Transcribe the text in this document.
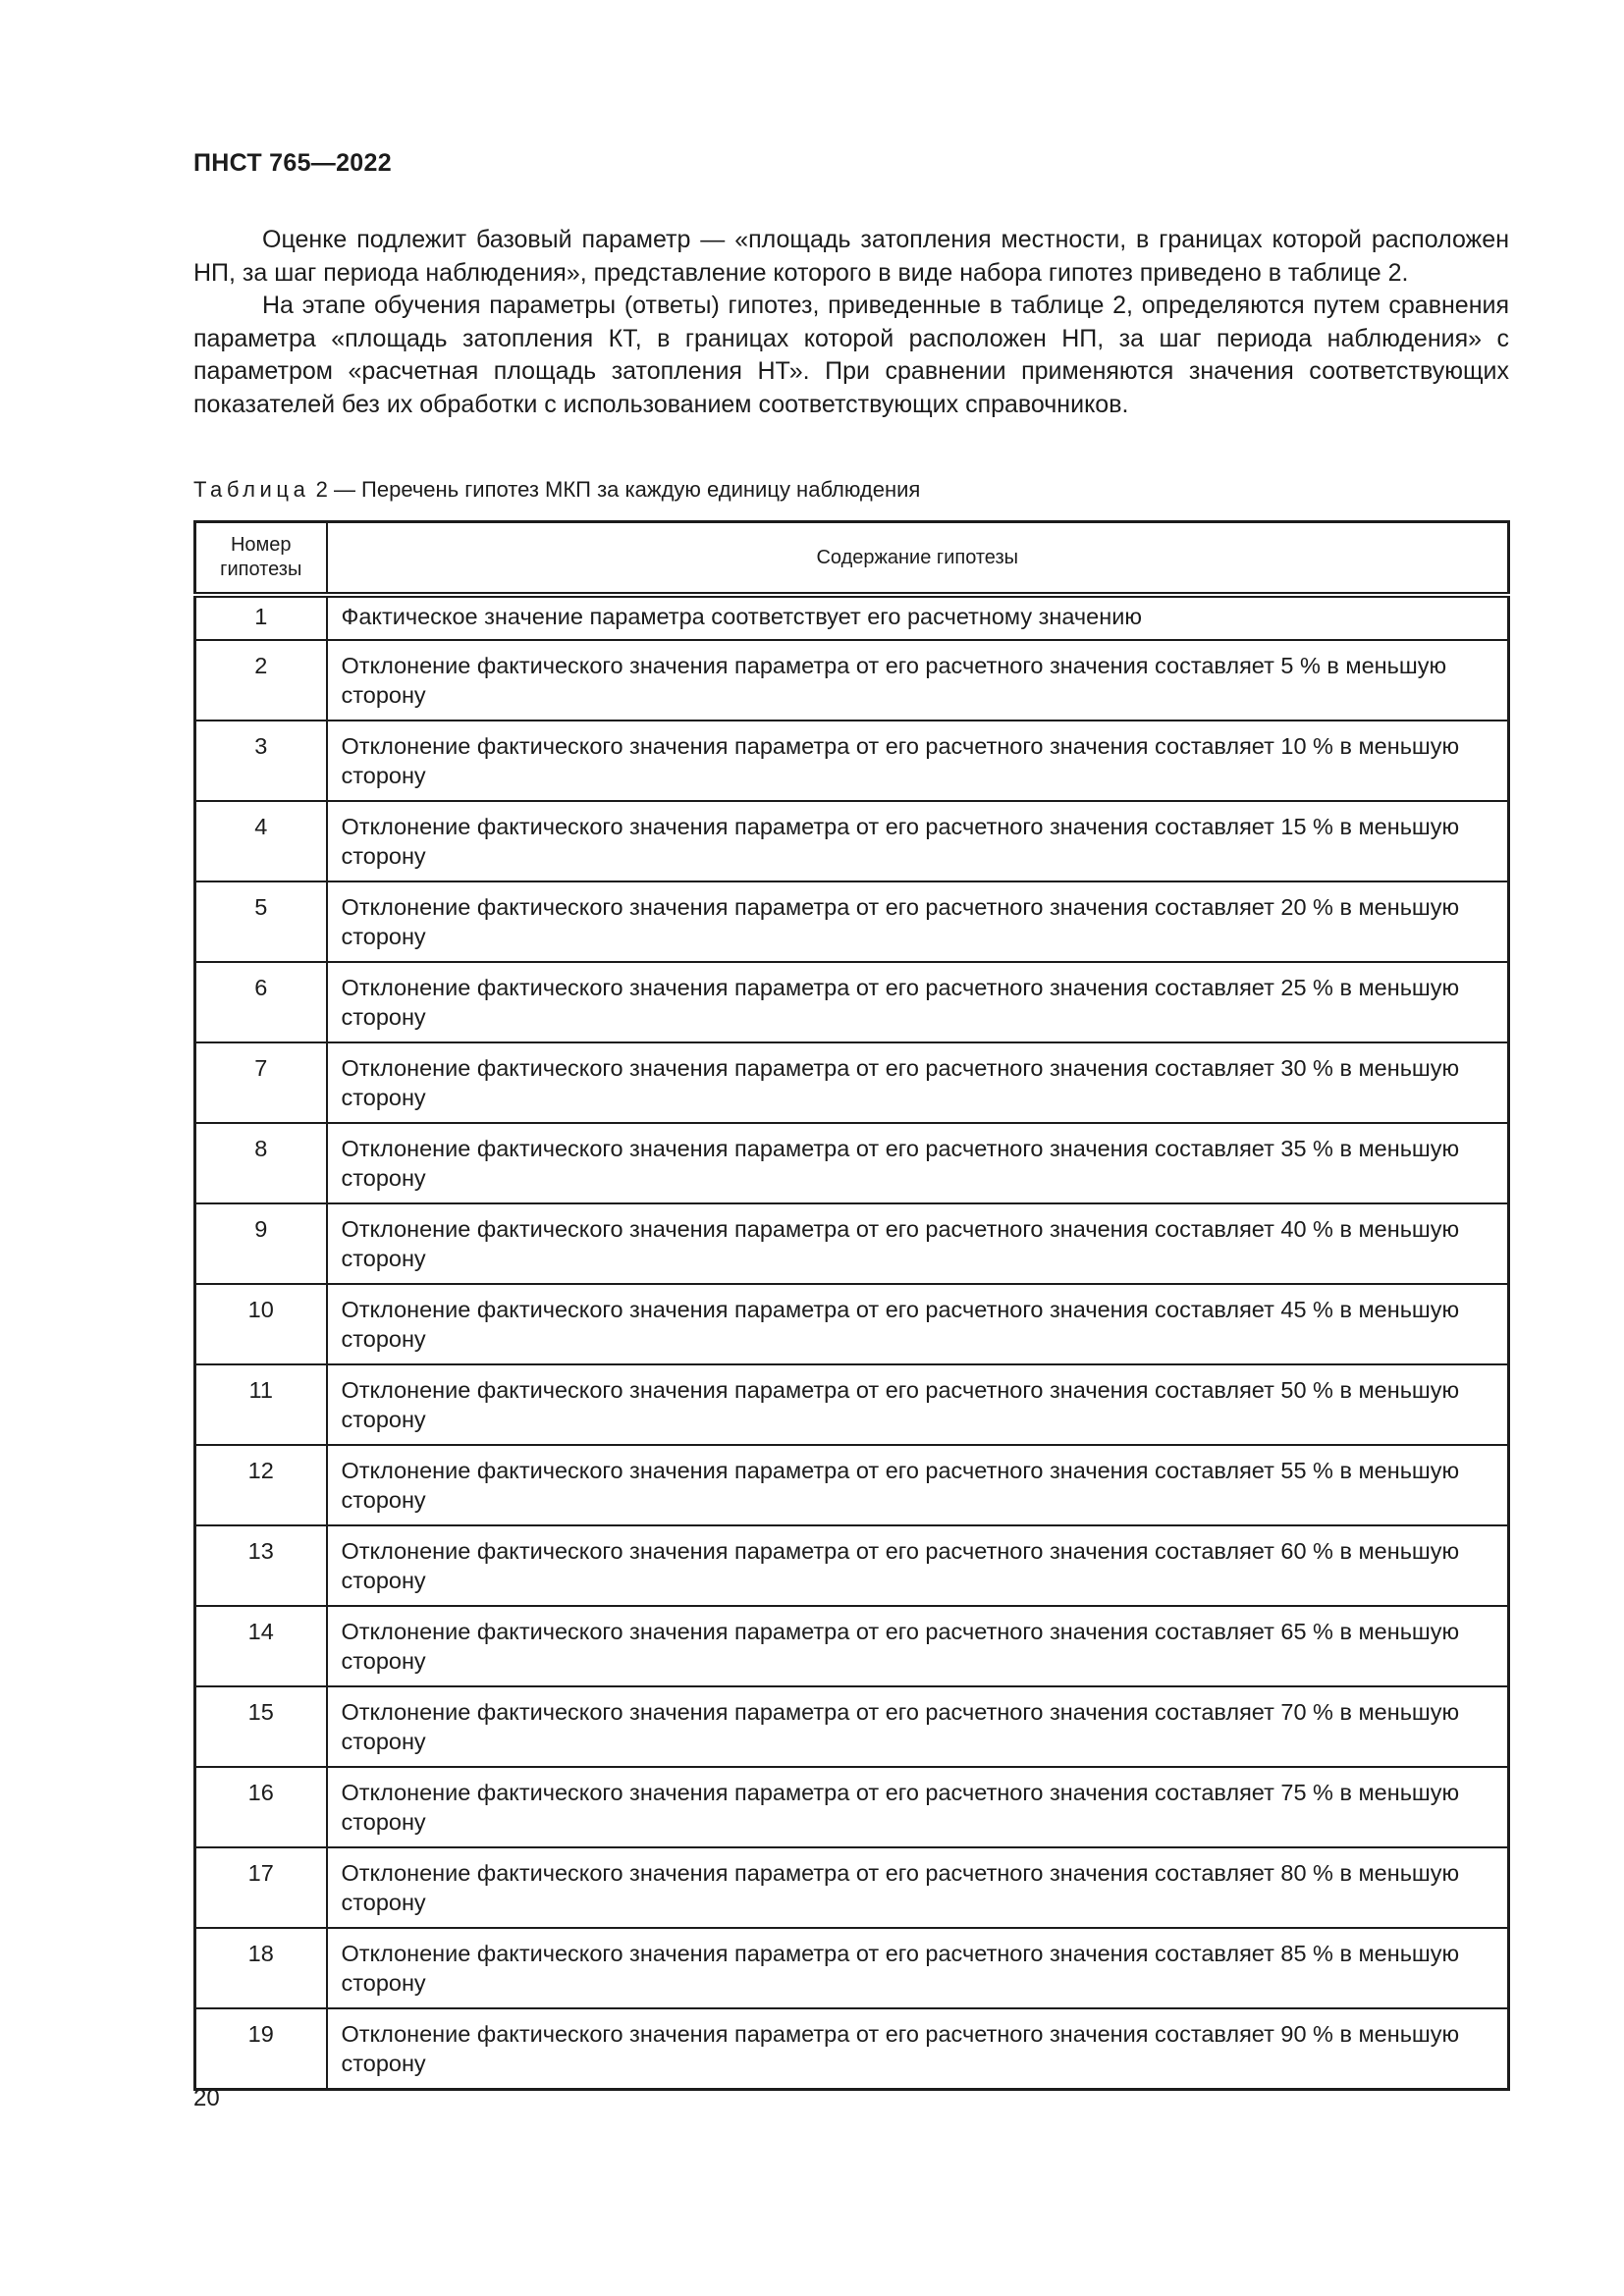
ПНСТ 765—2022

Оценке подлежит базовый параметр — «площадь затопления местности, в границах которой расположен НП, за шаг периода наблюдения», представление которого в виде набора гипотез приведено в таблице 2.

На этапе обучения параметры (ответы) гипотез, приведенные в таблице 2, определяются путем сравнения параметра «площадь затопления КТ, в границах которой расположен НП, за шаг периода наблюдения» с параметром «расчетная площадь затопления НТ». При сравнении применяются значения соответствующих показателей без их обработки с использованием соответствующих справочников.

Таблица 2 — Перечень гипотез МКП за каждую единицу наблюдения
Номер гипотезы	Содержание гипотезы
1	Фактическое значение параметра соответствует его расчетному значению
2	Отклонение фактического значения параметра от его расчетного значения составляет 5 % в меньшую сторону
3	Отклонение фактического значения параметра от его расчетного значения составляет 10 % в меньшую сторону
4	Отклонение фактического значения параметра от его расчетного значения составляет 15 % в меньшую сторону
5	Отклонение фактического значения параметра от его расчетного значения составляет 20 % в меньшую сторону
6	Отклонение фактического значения параметра от его расчетного значения составляет 25 % в меньшую сторону
7	Отклонение фактического значения параметра от его расчетного значения составляет 30 % в меньшую сторону
8	Отклонение фактического значения параметра от его расчетного значения составляет 35 % в меньшую сторону
9	Отклонение фактического значения параметра от его расчетного значения составляет 40 % в меньшую сторону
10	Отклонение фактического значения параметра от его расчетного значения составляет 45 % в меньшую сторону
11	Отклонение фактического значения параметра от его расчетного значения составляет 50 % в меньшую сторону
12	Отклонение фактического значения параметра от его расчетного значения составляет 55 % в меньшую сторону
13	Отклонение фактического значения параметра от его расчетного значения составляет 60 % в меньшую сторону
14	Отклонение фактического значения параметра от его расчетного значения составляет 65 % в меньшую сторону
15	Отклонение фактического значения параметра от его расчетного значения составляет 70 % в меньшую сторону
16	Отклонение фактического значения параметра от его расчетного значения составляет 75 % в меньшую сторону
17	Отклонение фактического значения параметра от его расчетного значения составляет 80 % в меньшую сторону
18	Отклонение фактического значения параметра от его расчетного значения составляет 85 % в меньшую сторону
19	Отклонение фактического значения параметра от его расчетного значения составляет 90 % в меньшую сторону
20
